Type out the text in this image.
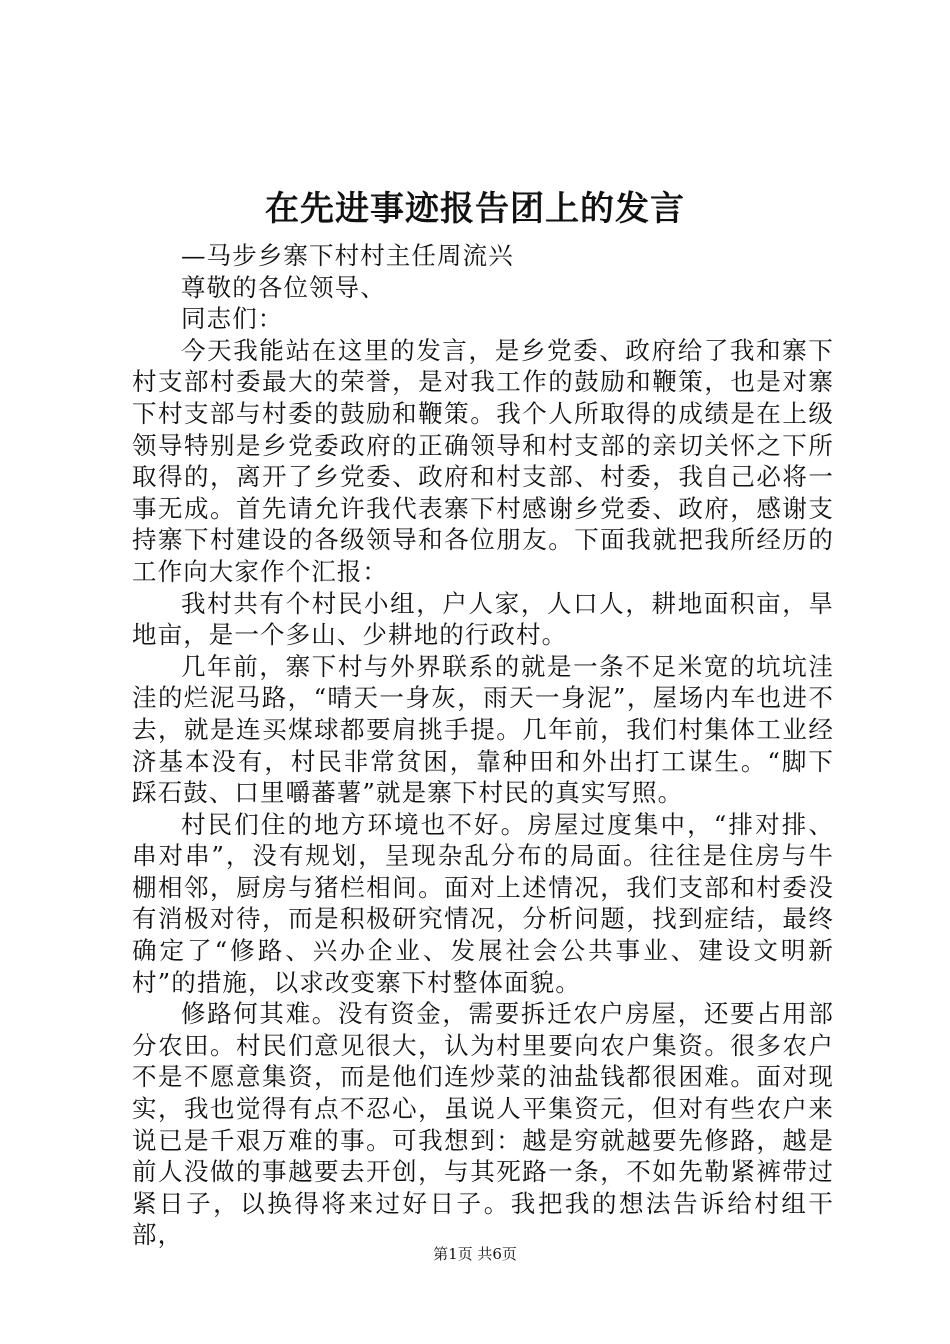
在先进事迹报告团上的发言

—马步乡寨下村村主任周流兴

尊敬的各位领导、

同志们：

今天我能站在这里的发言，是乡党委、政府给了我和寨下村支部村委最大的荣誉，是对我工作的鼓励和鞭策，也是对寨下村支部与村委的鼓励和鞭策。我个人所取得的成绩是在上级领导特别是乡党委政府的正确领导和村支部的亲切关怀之下所取得的，离开了乡党委、政府和村支部、村委，我自己必将一事无成。首先请允许我代表寨下村感谢乡党委、政府，感谢支持寨下村建设的各级领导和各位朋友。下面我就把我所经历的工作向大家作个汇报：

我村共有个村民小组，户人家，人口人，耕地面积亩，旱地亩，是一个多山、少耕地的行政村。

几年前，寨下村与外界联系的就是一条不足米宽的坑坑洼洼的烂泥马路，“晴天一身灰，雨天一身泥”，屋场内车也进不去，就是连买煤球都要肩挑手提。几年前，我们村集体工业经济基本没有，村民非常贫困，靠种田和外出打工谋生。“脚下踩石鼓、口里嚼蕃薯”就是寨下村民的真实写照。

村民们住的地方环境也不好。房屋过度集中，“排对排、串对串”，没有规划，呈现杂乱分布的局面。往往是住房与牛棚相邻，厨房与猪栏相间。面对上述情况，我们支部和村委没有消极对待，而是积极研究情况，分析问题，找到症结，最终确定了“修路、兴办企业、发展社会公共事业、建设文明新村”的措施，以求改变寨下村整体面貌。

修路何其难。没有资金，需要拆迁农户房屋，还要占用部分农田。村民们意见很大，认为村里要向农户集资。很多农户不是不愿意集资，而是他们连炒菜的油盐钱都很困难。面对现实，我也觉得有点不忍心，虽说人平集资元，但对有些农户来说已是千艰万难的事。可我想到：越是穷就越要先修路，越是前人没做的事越要去开创，与其死路一条，不如先勒紧裤带过紧日子，以换得将来过好日子。我把我的想法告诉给村组干部，

第1页 共6页
